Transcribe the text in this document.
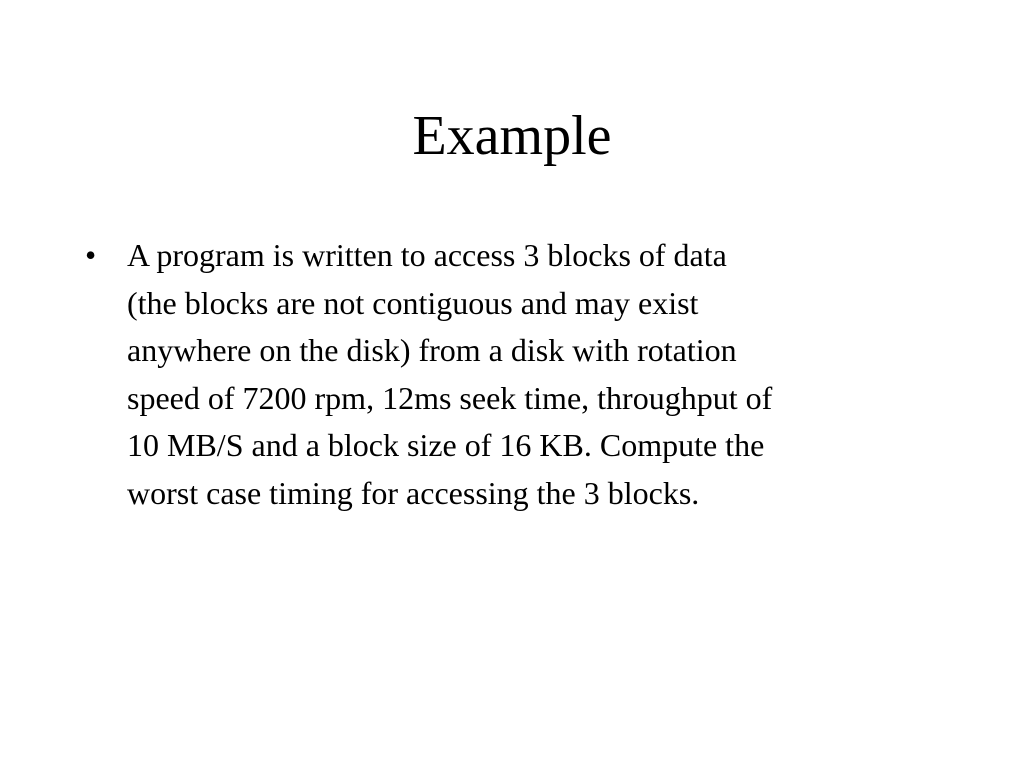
Example
• A program is written to access 3 blocks of data
(the blocks are not contiguous and may exist
anywhere on the disk) from a disk with rotation
speed of 7200 rpm, 12ms seek time, throughput of
10 MB/S and a block size of 16 KB. Compute the
worst case timing for accessing the 3 blocks.
